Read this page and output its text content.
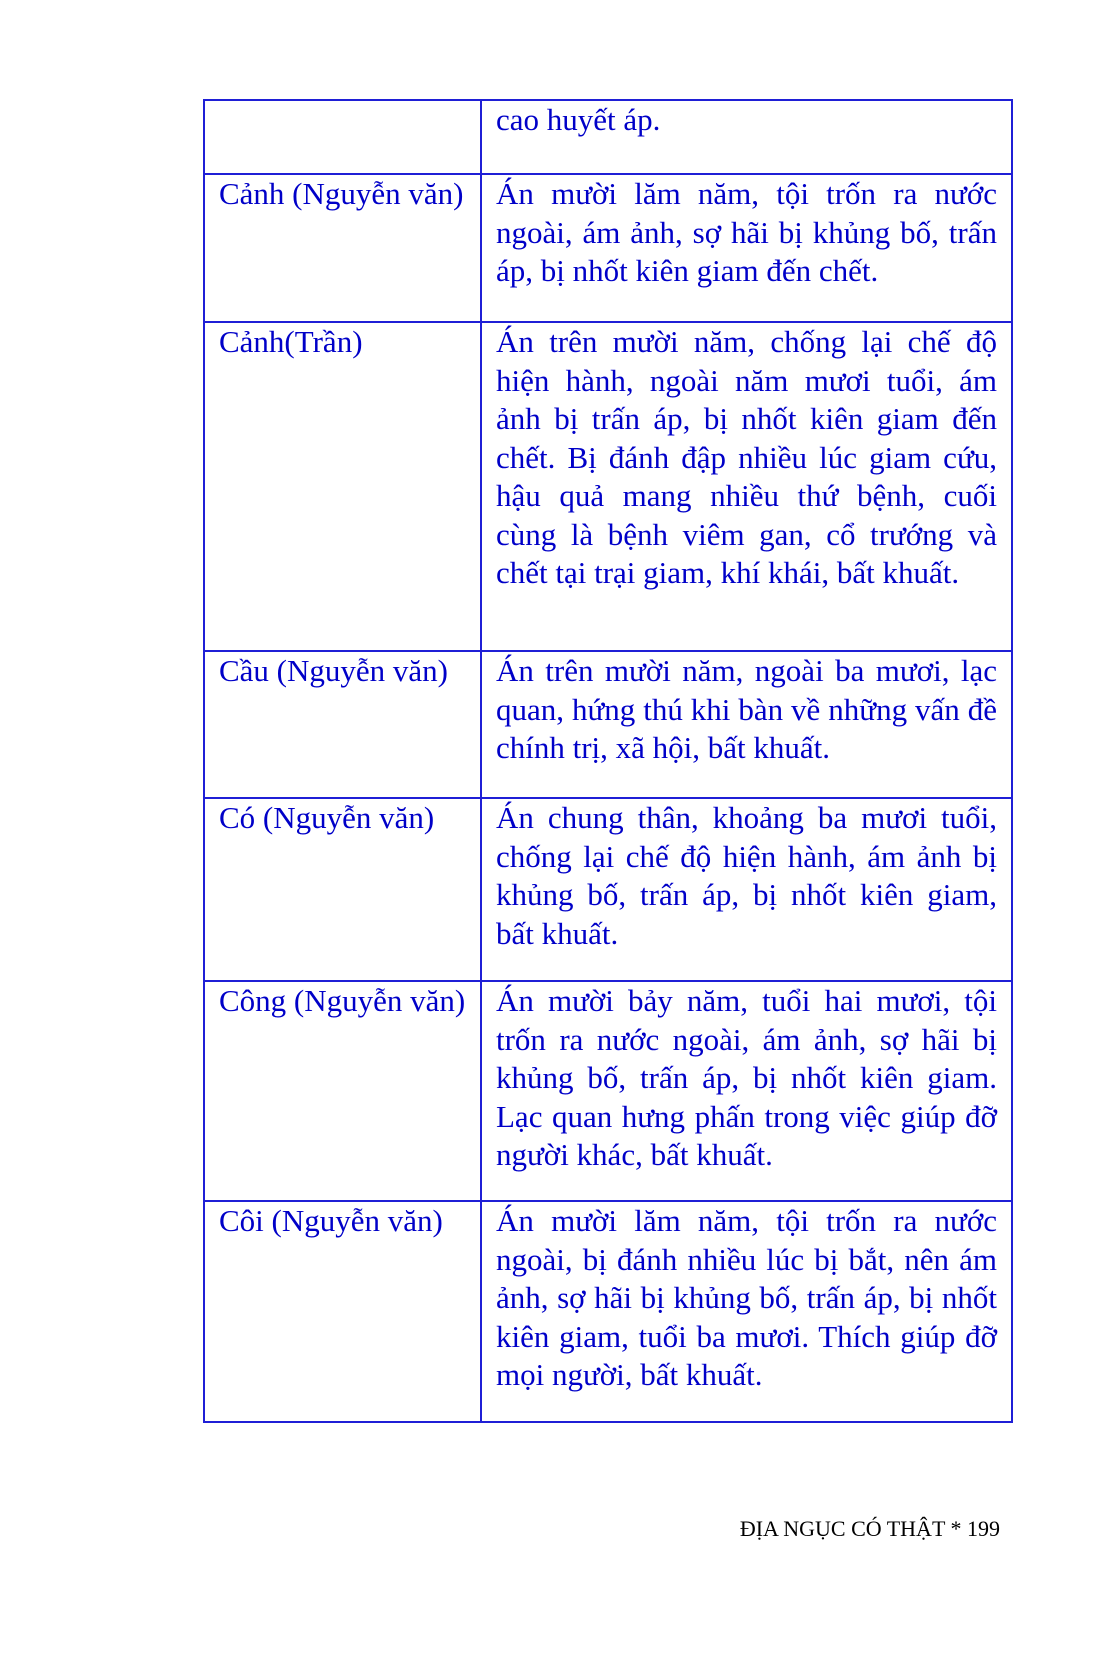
	cao huyết áp.
Cảnh (Nguyễn văn)	Án mười lăm năm, tội trốn ra nước ngoài, ám ảnh, sợ hãi bị khủng bố, trấn áp, bị nhốt kiên giam đến chết.
Cảnh(Trần)	Án trên mười năm, chống lại chế độ hiện hành, ngoài năm mươi tuổi, ám ảnh bị trấn áp, bị nhốt kiên giam đến chết. Bị đánh đập nhiều lúc giam cứu, hậu quả mang nhiều thứ bệnh, cuối cùng là bệnh viêm gan, cổ trướng và chết tại trại giam, khí khái, bất khuất.
Cầu (Nguyễn văn)	Án trên mười năm, ngoài ba mươi, lạc quan, hứng thú khi bàn về những vấn đề chính trị, xã hội, bất khuất.
Có (Nguyễn văn)	Án chung thân, khoảng ba mươi tuổi, chống lại chế độ hiện hành, ám ảnh bị khủng bố, trấn áp, bị nhốt kiên giam, bất khuất.
Công (Nguyễn văn)	Án mười bảy năm, tuổi hai mươi, tội trốn ra nước ngoài, ám ảnh, sợ hãi bị khủng bố, trấn áp, bị nhốt kiên giam. Lạc quan hưng phấn trong việc giúp đỡ người khác, bất khuất.
Côi (Nguyễn văn)	Án mười lăm năm, tội trốn ra nước ngoài, bị đánh nhiều lúc bị bắt, nên ám ảnh, sợ hãi bị khủng bố, trấn áp, bị nhốt kiên giam, tuổi ba mươi. Thích giúp đỡ mọi người, bất khuất.
ĐỊA NGỤC CÓ THẬT * 199
